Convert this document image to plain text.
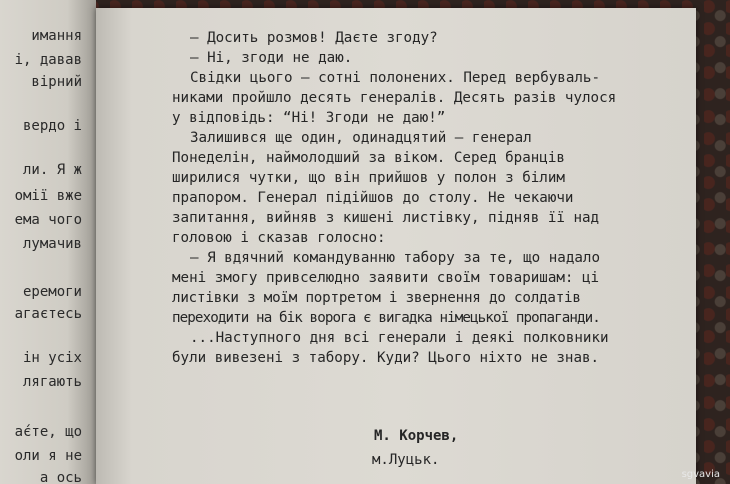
имання
і, давав
вірний
вердо і
ли. Я ж
омії вже
ема чого
лумачив
еремоги
агаєтесь
ін усіх
лягають
ає́те, що
оли я не
а ось
— Досить розмов! Даєте згоду?
— Ні, згоди не даю.
Свідки цього — сотні полонених. Перед вербуваль-
никами пройшло десять генералів. Десять разів чулося
у відповідь: “Ні! Згоди не даю!”
Залишився ще один, одинадцятий — генерал
Понеделін, наймолодший за віком. Серед бранців
ширилися чутки, що він прийшов у полон з білим
прапором. Генерал підійшов до столу. Не чекаючи
запитання, вийняв з кишені листівку, підняв її над
головою і сказав голосно:
— Я вдячний командуванню табору за те, що надало
мені змогу привселюдно заявити своїм товаришам: ці
листівки з моїм портретом і звернення до солдатів
переходити на бік ворога є вигадка німецької пропаганди.
...Наступного дня всі генерали і деякі полковники
були вивезені з табору. Куди? Цього ніхто не знав.
М. Корчев,
м.Луцьк.
sgvavia
